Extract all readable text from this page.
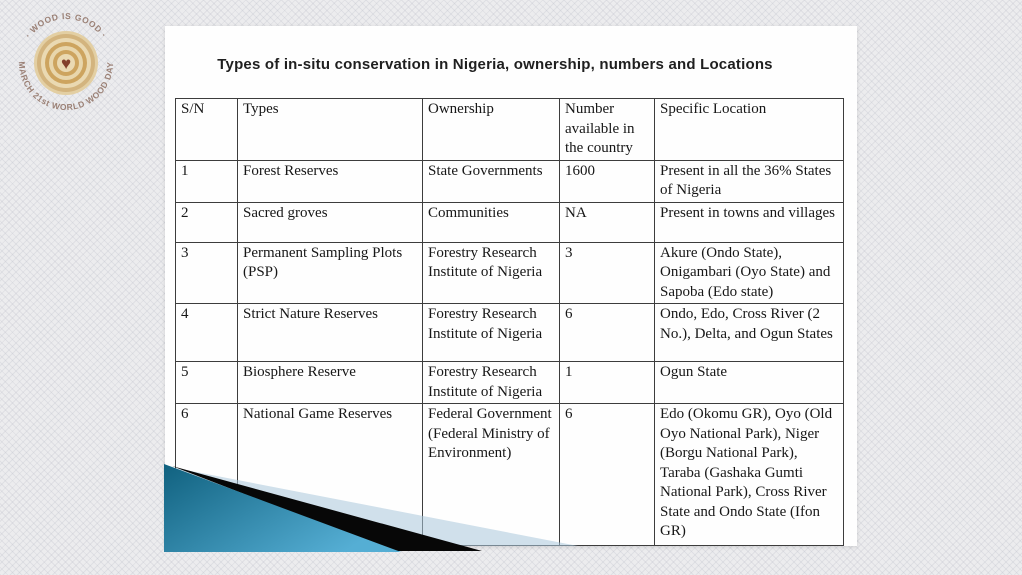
♥
· WOOD IS GOOD ·
MARCH 21st WORLD WOOD DAY	Types of in-situ conservation in Nigeria, ownership, numbers and Locations
S/N	Types	Ownership	Number available in the country	Specific Location
1	Forest Reserves	State Governments	1600	Present in all the 36% States of Nigeria
2	Sacred groves	Communities	NA	Present in towns and villages
3	Permanent Sampling Plots (PSP)	Forestry Research Institute of Nigeria	3	Akure (Ondo State), Onigambari (Oyo State) and Sapoba (Edo state)
4	Strict Nature Reserves	Forestry Research Institute of Nigeria	6	Ondo, Edo, Cross River (2 No.), Delta, and Ogun States
5	Biosphere Reserve	Forestry Research Institute of Nigeria	1	Ogun State
6	National Game Reserves	Federal Government (Federal Ministry of Environment)	6	Edo (Okomu GR), Oyo (Old Oyo National Park), Niger (Borgu National Park), Taraba (Gashaka Gumti National Park), Cross River State and Ondo State (Ifon GR)
